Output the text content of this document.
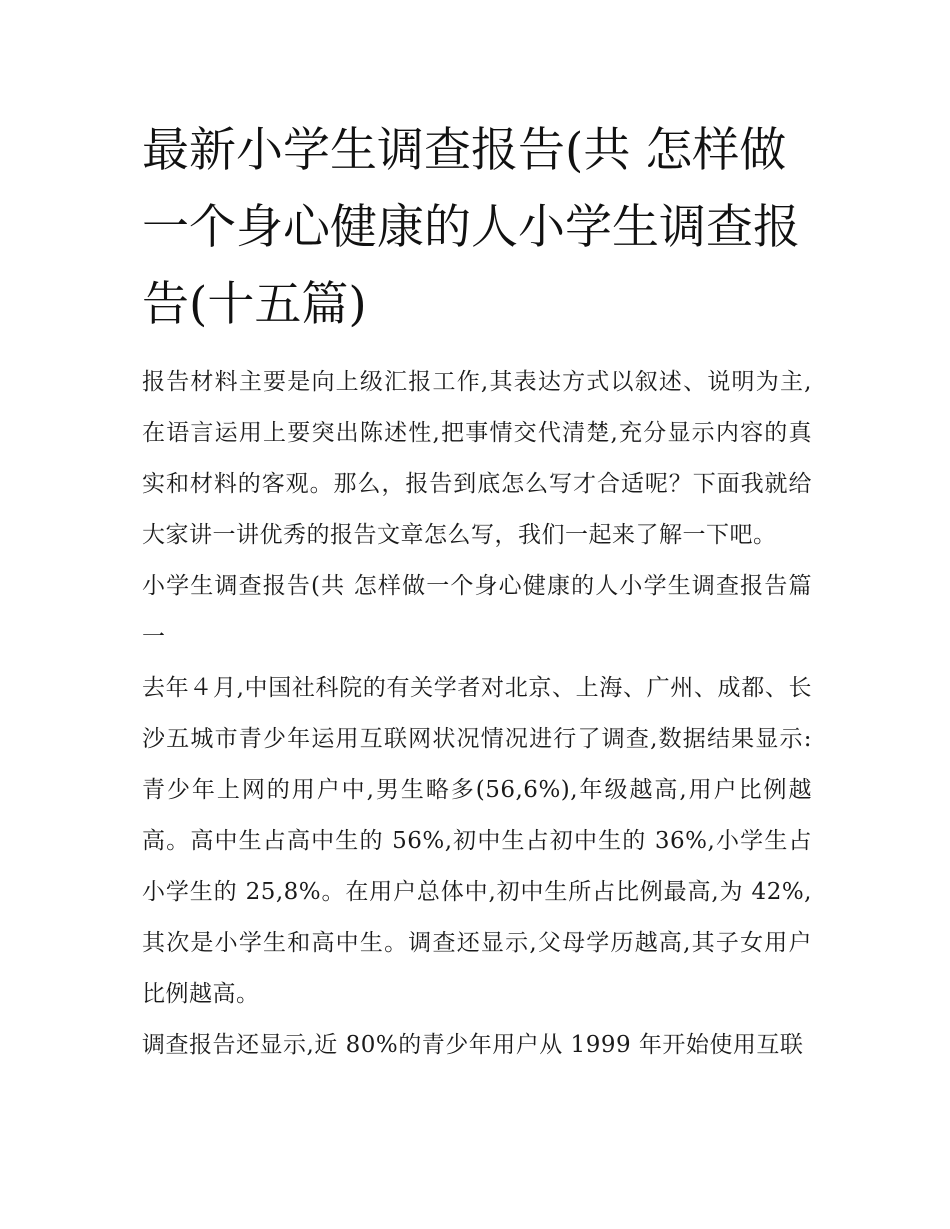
最新小学生调查报告(共 怎样做一个身心健康的人小学生调查报告(十五篇)

报告材料主要是向上级汇报工作,其表达方式以叙述、说明为主,在语言运用上要突出陈述性,把事情交代清楚,充分显示内容的真实和材料的客观。那么，报告到底怎么写才合适呢？下面我就给大家讲一讲优秀的报告文章怎么写，我们一起来了解一下吧。

小学生调查报告(共 怎样做一个身心健康的人小学生调查报告篇一

去年４月,中国社科院的有关学者对北京、上海、广州、成都、长沙五城市青少年运用互联网状况情况进行了调查,数据结果显示:青少年上网的用户中,男生略多(56,6%),年级越高,用户比例越高。高中生占高中生的 56%,初中生占初中生的 36%,小学生占小学生的 25,8%。在用户总体中,初中生所占比例最高,为 42%,其次是小学生和高中生。调查还显示,父母学历越高,其子女用户比例越高。

调查报告还显示,近 80%的青少年用户从 1999 年开始使用互联
